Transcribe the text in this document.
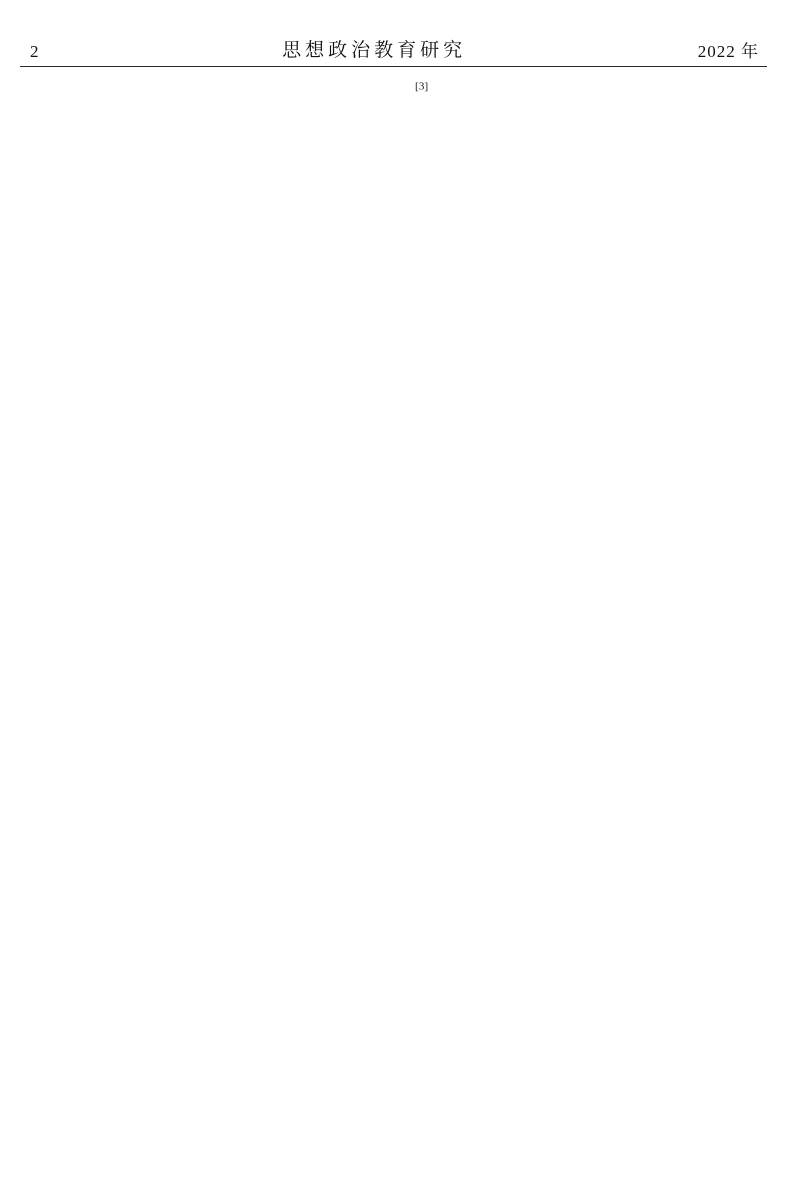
2	思想政治教育研究	2022 年

[3]
